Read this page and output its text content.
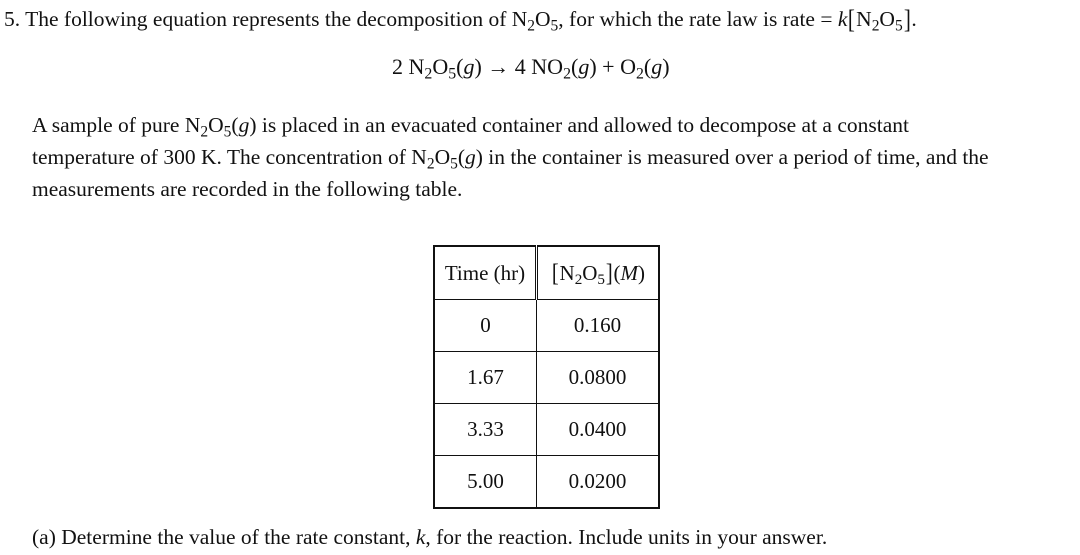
5. The following equation represents the decomposition of $N_2O_5$, for which the rate law is rate = $k[N_2O_5]$.
2 $N_2O_5(g) \to 4$ $NO_2(g) + O_2(g)$
A sample of pure $N_2O_5(g)$ is placed in an evacuated container and allowed to decompose at a constant
temperature of 300 K. The concentration of $N_2O_5(g)$ in the container is measured over a period of time, and the
measurements are recorded in the following table.
Time (hr)	$[N_2O_5](M)$
0	0.160
1.67	0.0800
3.33	0.0400
5.00	0.0200
(a) Determine the value of the rate constant, k, for the reaction. Include units in your answer.
